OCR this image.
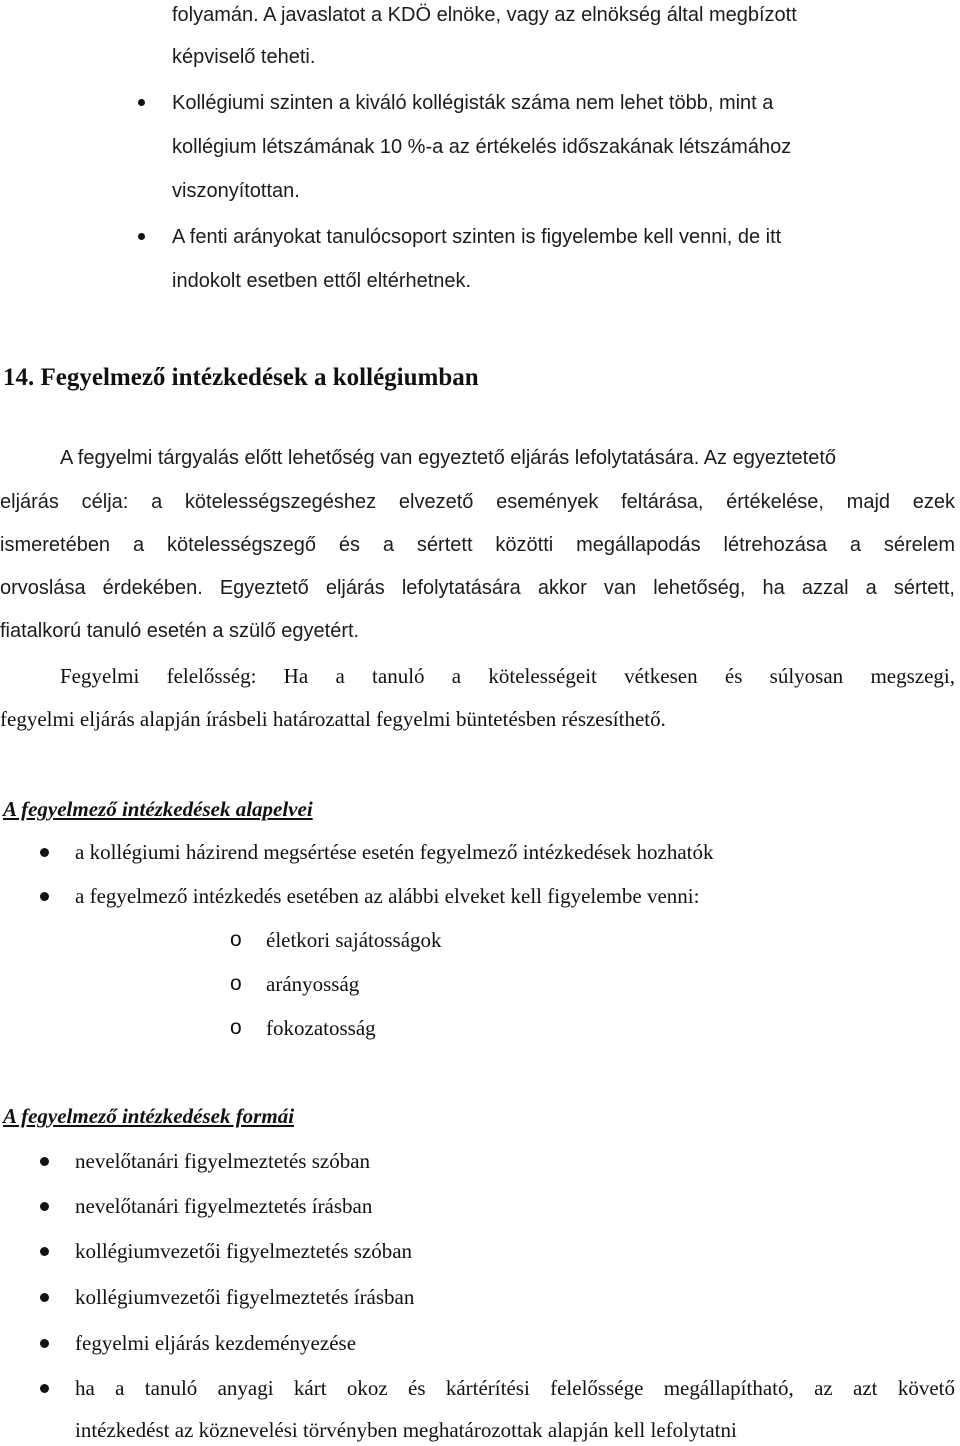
folyamán. A javaslatot a KDÖ elnöke, vagy az elnökség által megbízott
képviselő teheti.
Kollégiumi szinten a kiváló kollégisták száma nem lehet több, mint a
kollégium létszámának 10 %-a az értékelés időszakának létszámához
viszonyítottan.
A fenti arányokat tanulócsoport szinten is figyelembe kell venni, de itt
indokolt esetben ettől eltérhetnek.
14. Fegyelmező intézkedések a kollégiumban
A fegyelmi tárgyalás előtt lehetőség van egyeztető eljárás lefolytatására. Az egyeztetető
eljárás célja: a kötelességszegéshez elvezető események feltárása, értékelése, majd ezek
ismeretében a kötelességszegő és a sértett közötti megállapodás létrehozása a sérelem
orvoslása érdekében. Egyeztető eljárás lefolytatására akkor van lehetőség, ha azzal a sértett,
fiatalkorú tanuló esetén a szülő egyetért.
Fegyelmi felelősség: Ha a tanuló a kötelességeit vétkesen és súlyosan megszegi,
fegyelmi eljárás alapján írásbeli határozattal fegyelmi büntetésben részesíthető.
A fegyelmező intézkedések alapelvei
a kollégiumi házirend megsértése esetén fegyelmező intézkedések hozhatók
a fegyelmező intézkedés esetében az alábbi elveket kell figyelembe venni:
o életkori sajátosságok
o arányosság
o fokozatosság
A fegyelmező intézkedések formái
nevelőtanári figyelmeztetés szóban
nevelőtanári figyelmeztetés írásban
kollégiumvezetői figyelmeztetés szóban
kollégiumvezetői figyelmeztetés írásban
fegyelmi eljárás kezdeményezése
ha a tanuló anyagi kárt okoz és kártérítési felelőssége megállapítható, az azt követő
intézkedést az köznevelési törvényben meghatározottak alapján kell lefolytatni
